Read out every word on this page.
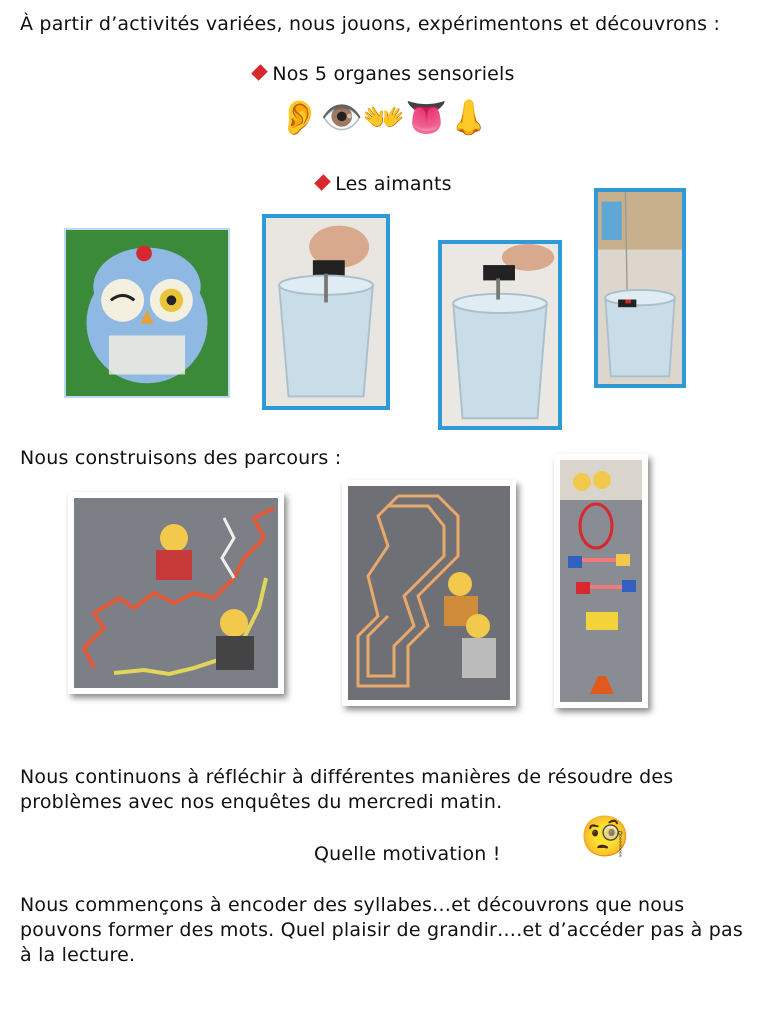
À partir d’activités variées, nous jouons, expérimentons et découvrons :
Nos 5 organes sensoriels
👂👁️👐👅👃
Les aimants
Nous construisons des parcours :
Nous continuons à réfléchir à différentes manières de résoudre des problèmes avec nos enquêtes du mercredi matin.
Quelle motivation ! 🧐
Nous commençons à encoder des syllabes…et découvrons que nous pouvons former des mots. Quel plaisir de grandir….et d’accéder pas à pas à la lecture.
